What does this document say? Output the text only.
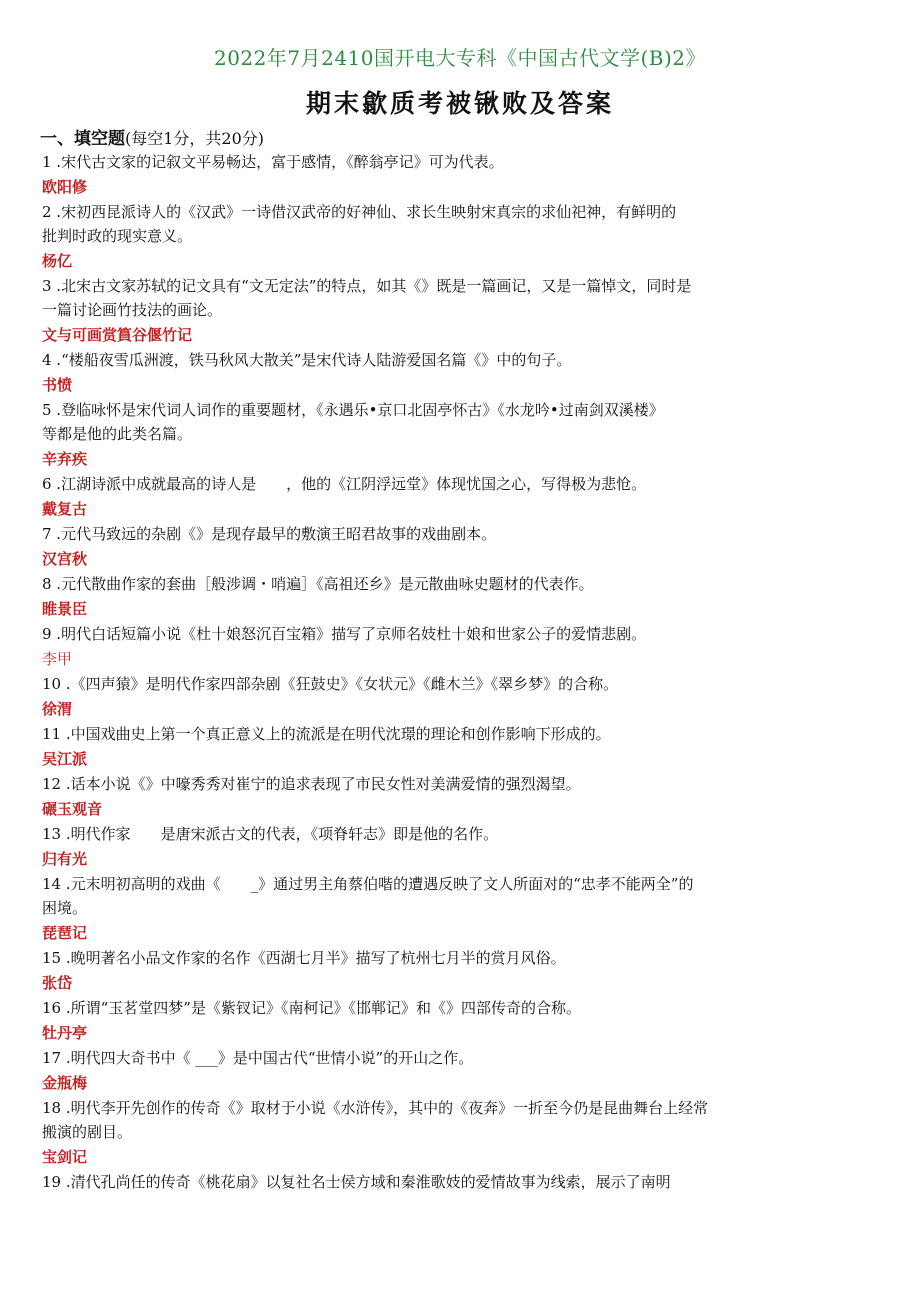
2022年7月2410国开电大专科《中国古代文学(B)2》
期末歙质考被锹败及答案
一、填空题(每空1分，共20分)
1 .宋代古文家的记叙文平易畅达，富于感情，《醉翁亭记》可为代表。
欧阳修
2 .宋初西昆派诗人的《汉武》一诗借汉武帝的好神仙、求长生映射宋真宗的求仙祀神，有鲜明的
批判时政的现实意义。
杨亿
3 .北宋古文家苏轼的记文具有“文无定法”的特点，如其《》既是一篇画记，又是一篇悼文，同时是
一篇讨论画竹技法的画论。
文与可画赏篔谷偃竹记
4 .“楼船夜雪瓜洲渡，铁马秋风大散关”是宋代诗人陆游爱国名篇《》中的句子。
书愤
5 .登临咏怀是宋代词人词作的重要题材，《永遇乐•京口北固亭怀古》《水龙吟•过南剑双溪楼》
等都是他的此类名篇。
辛弃疾
6 .江湖诗派中成就最高的诗人是　　，他的《江阴浮远堂》体现忧国之心，写得极为悲怆。
戴复古
7 .元代马致远的杂剧《》是现存最早的敷演王昭君故事的戏曲剧本。
汉宫秋
8 .元代散曲作家的套曲［般涉调・哨遍］《高祖还乡》是元散曲咏史题材的代表作。
睢景臣
9 .明代白话短篇小说《杜十娘怒沉百宝箱》描写了京师名妓杜十娘和世家公子的爱情悲剧。
李甲
10 .《四声猿》是明代作家四部杂剧《狂鼓史》《女状元》《雌木兰》《翠乡梦》的合称。
徐渭
11 .中国戏曲史上第一个真正意义上的流派是在明代沈璟的理论和创作影响下形成的。
吴江派
12 .话本小说《》中嚎秀秀对崔宁的追求表现了市民女性对美满爱情的强烈渴望。
碾玉观音
13 .明代作家　　是唐宋派古文的代表，《项脊轩志》即是他的名作。
归有光
14 .元末明初高明的戏曲《　　_》通过男主角蔡伯喈的遭遇反映了文人所面对的“忠孝不能两全”的
困境。
琵琶记
15 .晚明著名小品文作家的名作《西湖七月半》描写了杭州七月半的赏月风俗。
张岱
16 .所谓“玉茗堂四梦”是《紫钗记》《南柯记》《邯郸记》和《》四部传奇的合称。
牡丹亭
17 .明代四大奇书中《 ___》是中国古代“世情小说”的开山之作。
金瓶梅
18 .明代李开先创作的传奇《》取材于小说《水浒传》，其中的《夜奔》一折至今仍是昆曲舞台上经常
搬演的剧目。
宝剑记
19 .清代孔尚任的传奇《桃花扇》以复社名士侯方域和秦淮歌妓的爱情故事为线索，展示了南明
